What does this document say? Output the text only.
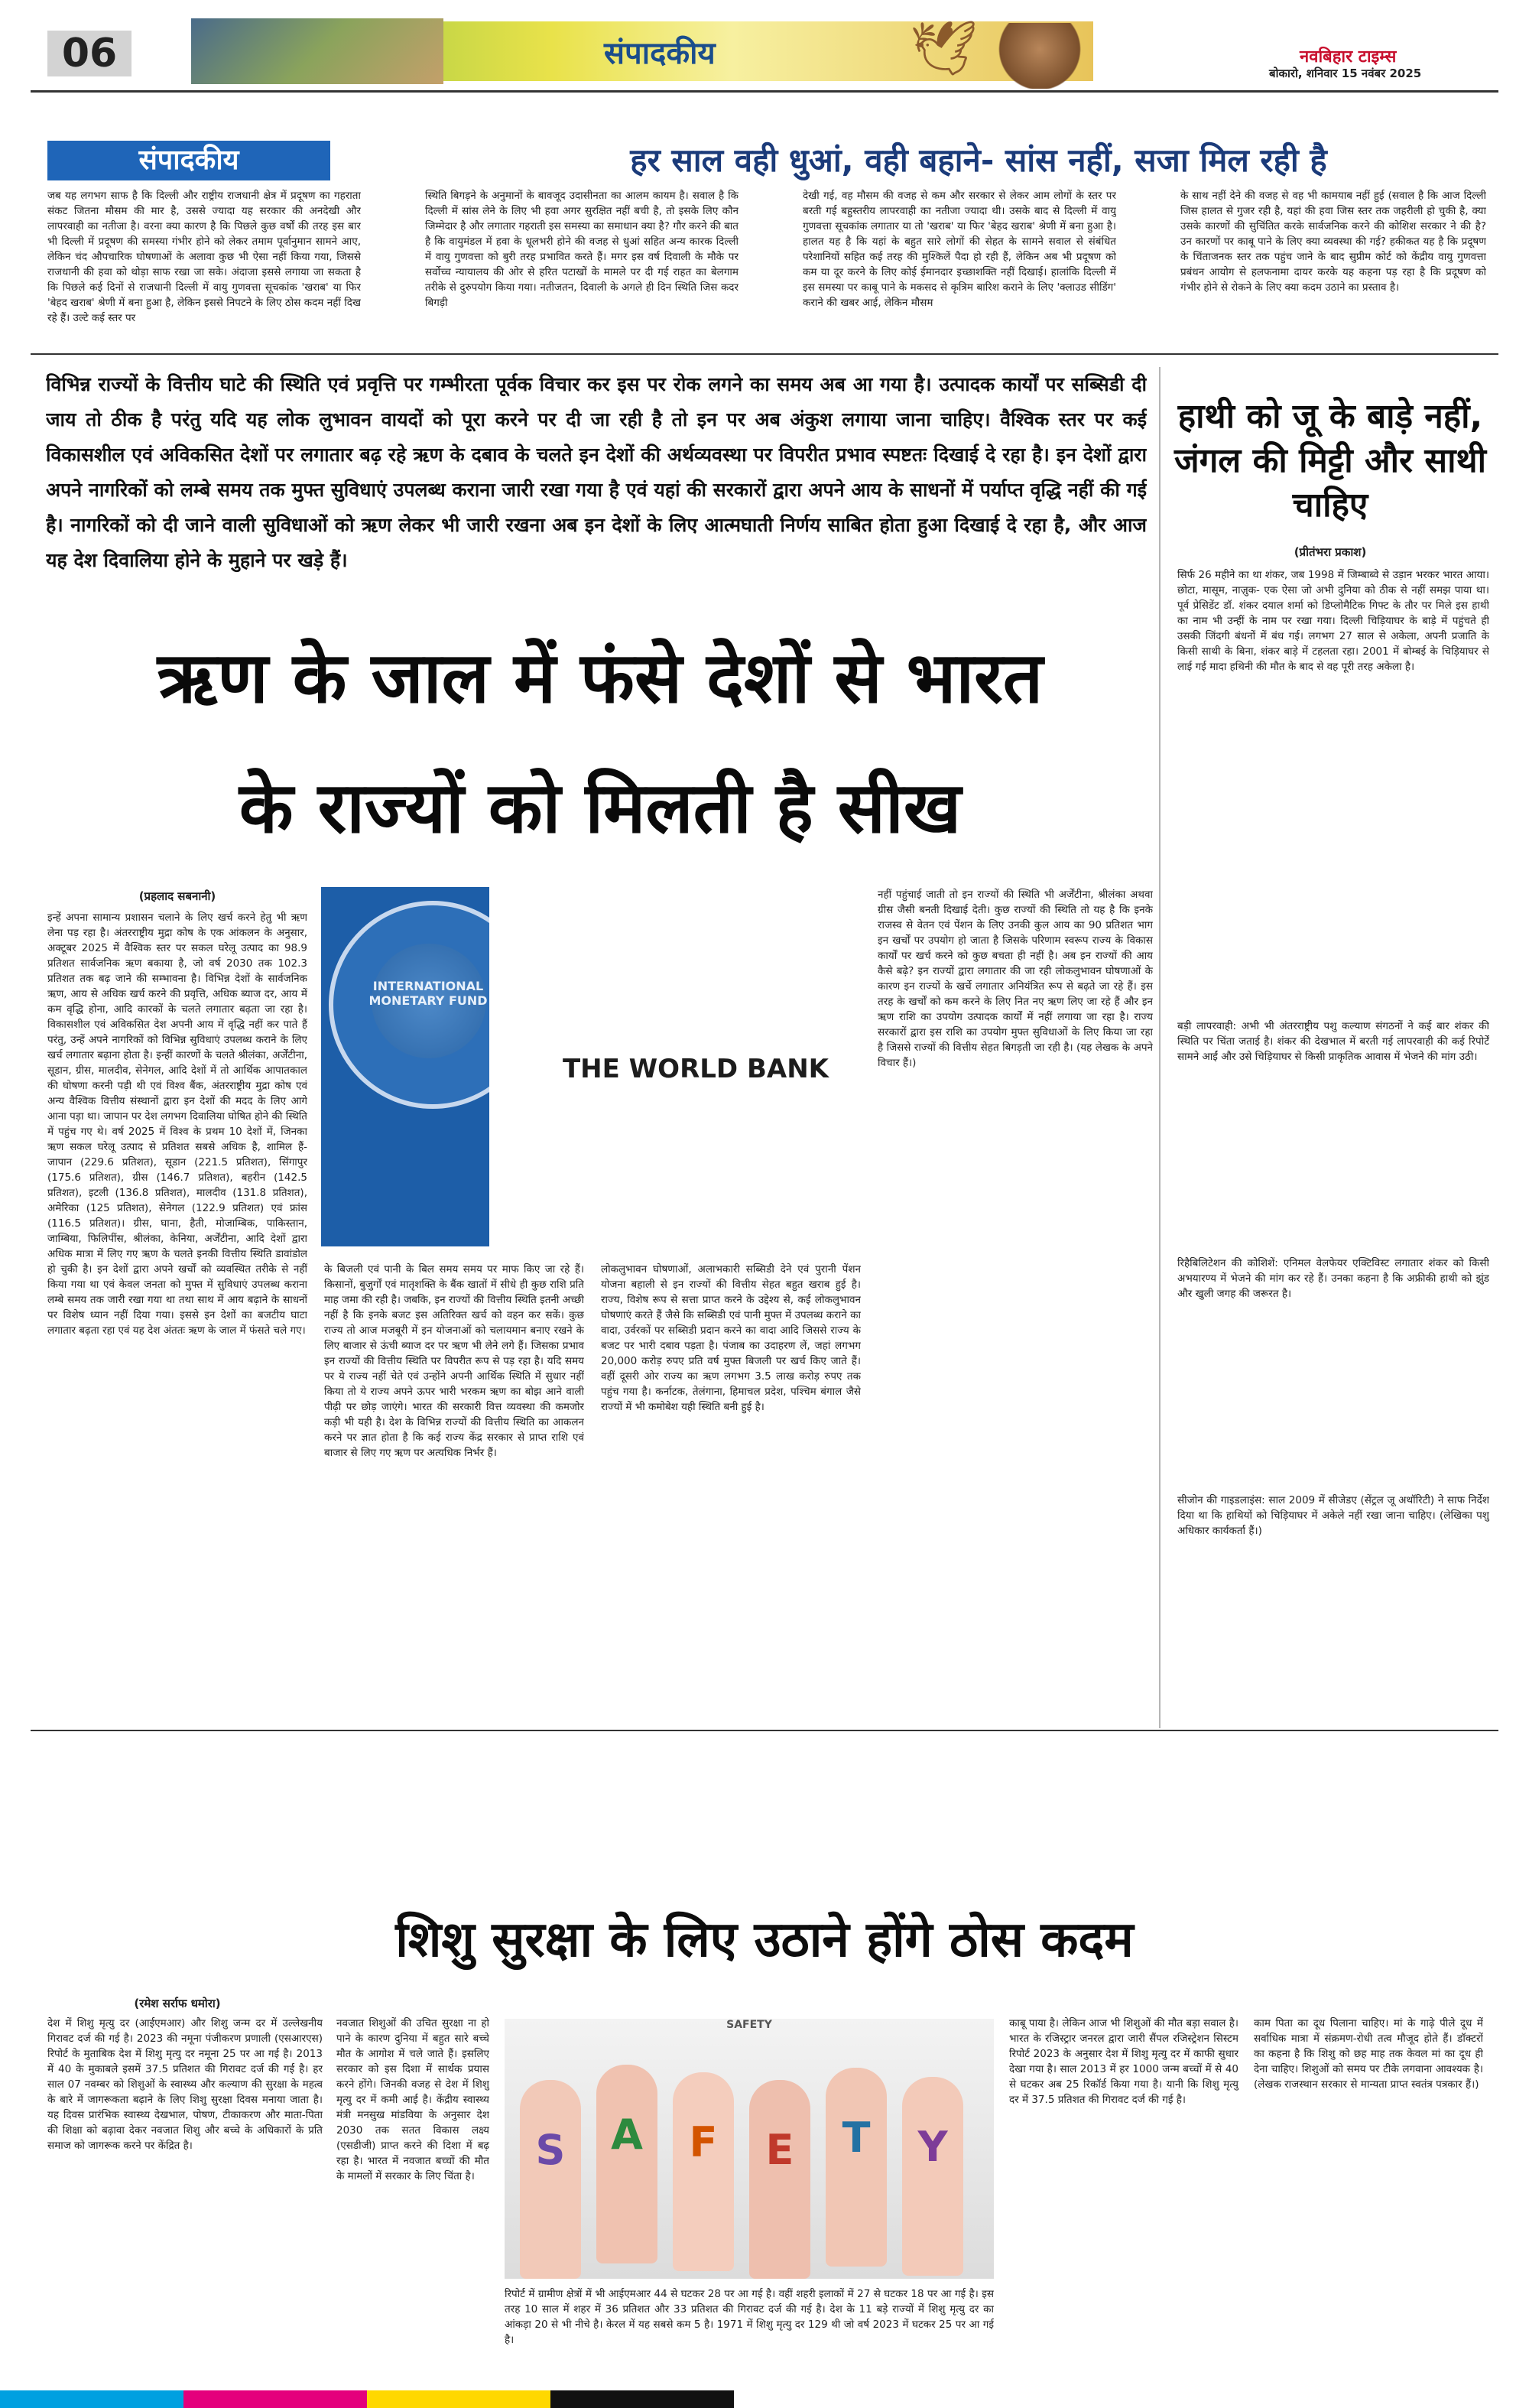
06	संपादकीय	🕊	नवबिहार टाइम्स
बोकारो, शनिवार 15 नवंबर 2025
संपादकीय	हर साल वही धुआं, वही बहाने- सांस नहीं, सजा मिल रही है
जब यह लगभग साफ है कि दिल्ली और राष्ट्रीय राजधानी क्षेत्र में प्रदूषण का गहराता संकट जितना मौसम की मार है, उससे ज्यादा यह सरकार की अनदेखी और लापरवाही का नतीजा है। वरना क्या कारण है कि पिछले कुछ वर्षों की तरह इस बार भी दिल्ली में प्रदूषण की समस्या गंभीर होने को लेकर तमाम पूर्वानुमान सामने आए, लेकिन चंद औपचारिक घोषणाओं के अलावा कुछ भी ऐसा नहीं किया गया, जिससे राजधानी की हवा को थोड़ा साफ रखा जा सके। अंदाजा इससे लगाया जा सकता है कि पिछले कई दिनों से राजधानी दिल्ली में वायु गुणवत्ता सूचकांक 'खराब' या फिर 'बेहद खराब' श्रेणी में बना हुआ है, लेकिन इससे निपटने के लिए ठोस कदम नहीं दिख रहे हैं। उल्टे कई स्तर पर
स्थिति बिगड़ने के अनुमानों के बावजूद उदासीनता का आलम कायम है। सवाल है कि दिल्ली में सांस लेने के लिए भी हवा अगर सुरक्षित नहीं बची है, तो इसके लिए कौन जिम्मेदार है और लगातार गहराती इस समस्या का समाधान क्या है? गौर करने की बात है कि वायुमंडल में हवा के धूलभरी होने की वजह से धुआं सहित अन्य कारक दिल्ली में वायु गुणवत्ता को बुरी तरह प्रभावित करते हैं। मगर इस वर्ष दिवाली के मौके पर सर्वोच्च न्यायालय की ओर से हरित पटाखों के मामले पर दी गई राहत का बेलगाम तरीके से दुरुपयोग किया गया। नतीजतन, दिवाली के अगले ही दिन स्थिति जिस कदर बिगड़ी
देखी गई, वह मौसम की वजह से कम और सरकार से लेकर आम लोगों के स्तर पर बरती गई बहुस्तरीय लापरवाही का नतीजा ज्यादा थी। उसके बाद से दिल्ली में वायु गुणवत्ता सूचकांक लगातार या तो 'खराब' या फिर 'बेहद खराब' श्रेणी में बना हुआ है। हालत यह है कि यहां के बहुत सारे लोगों की सेहत के सामने सवाल से संबंधित परेशानियों सहित कई तरह की मुश्किलें पैदा हो रही हैं, लेकिन अब भी प्रदूषण को कम या दूर करने के लिए कोई ईमानदार इच्छाशक्ति नहीं दिखाई। हालांकि दिल्ली में इस समस्या पर काबू पाने के मकसद से कृत्रिम बारिश कराने के लिए 'क्लाउड सीडिंग' कराने की खबर आई, लेकिन मौसम
के साथ नहीं देने की वजह से वह भी कामयाब नहीं हुई (सवाल है कि आज दिल्ली जिस हालत से गुजर रही है, यहां की हवा जिस स्तर तक जहरीली हो चुकी है, क्या उसके कारणों की सुचिंतित करके सार्वजनिक करने की कोशिश सरकार ने की है? उन कारणों पर काबू पाने के लिए क्या व्यवस्था की गई? हकीकत यह है कि प्रदूषण के चिंताजनक स्तर तक पहुंच जाने के बाद सुप्रीम कोर्ट को केंद्रीय वायु गुणवत्ता प्रबंधन आयोग से हलफनामा दायर करके यह कहना पड़ रहा है कि प्रदूषण को गंभीर होने से रोकने के लिए क्या कदम उठाने का प्रस्ताव है।
विभिन्न राज्यों के वित्तीय घाटे की स्थिति एवं प्रवृत्ति पर गम्भीरता पूर्वक विचार कर इस पर रोक लगने का समय अब आ गया है। उत्पादक कार्यों पर सब्सिडी दी जाय तो ठीक है परंतु यदि यह लोक लुभावन वायदों को पूरा करने पर दी जा रही है तो इन पर अब अंकुश लगाया जाना चाहिए। वैश्विक स्तर पर कई विकासशील एवं अविकसित देशों पर लगातार बढ़ रहे ऋण के दबाव के चलते इन देशों की अर्थव्यवस्था पर विपरीत प्रभाव स्पष्टतः दिखाई दे रहा है। इन देशों द्वारा अपने नागरिकों को लम्बे समय तक मुफ्त सुविधाएं उपलब्ध कराना जारी रखा गया है एवं यहां की सरकारों द्वारा अपने आय के साधनों में पर्याप्त वृद्धि नहीं की गई है। नागरिकों को दी जाने वाली सुविधाओं को ऋण लेकर भी जारी रखना अब इन देशों के लिए आत्मघाती निर्णय साबित होता हुआ दिखाई दे रहा है, और आज यह देश दिवालिया होने के मुहाने पर खड़े हैं।
ऋण के जाल में फंसे देशों से भारत
के राज्यों को मिलती है सीख
(प्रहलाद सबनानी)
INTERNATIONAL MONETARY FUND
THE WORLD BANK
इन्हें अपना सामान्य प्रशासन चलाने के लिए खर्च करने हेतु भी ऋण लेना पड़ रहा है। अंतरराष्ट्रीय मुद्रा कोष के एक आंकलन के अनुसार, अक्टूबर 2025 में वैश्विक स्तर पर सकल घरेलू उत्पाद का 98.9 प्रतिशत सार्वजनिक ऋण बकाया है, जो वर्ष 2030 तक 102.3 प्रतिशत तक बढ़ जाने की सम्भावना है। विभिन्न देशों के सार्वजनिक ऋण, आय से अधिक खर्च करने की प्रवृत्ति, अधिक ब्याज दर, आय में कम वृद्धि होना, आदि कारकों के चलते लगातार बढ़ता जा रहा है। विकासशील एवं अविकसित देश अपनी आय में वृद्धि नहीं कर पाते हैं परंतु, उन्हें अपने नागरिकों को विभिन्न सुविधाएं उपलब्ध कराने के लिए खर्च लगातार बढ़ाना होता है। इन्हीं कारणों के चलते श्रीलंका, अर्जेंटीना, सूडान, ग्रीस, मालदीव, सेनेगल, आदि देशों में तो आर्थिक आपातकाल की घोषणा करनी पड़ी थी एवं विश्व बैंक, अंतरराष्ट्रीय मुद्रा कोष एवं अन्य वैश्विक वित्तीय संस्थानों द्वारा इन देशों की मदद के लिए आगे आना पड़ा था। जापान पर देश लगभग दिवालिया घोषित होने की स्थिति में पहुंच गए थे। वर्ष 2025 में विश्व के प्रथम 10 देशों में, जिनका ऋण सकल घरेलू उत्पाद से प्रतिशत सबसे अधिक है, शामिल हैं- जापान (229.6 प्रतिशत), सूडान (221.5 प्रतिशत), सिंगापुर (175.6 प्रतिशत), ग्रीस (146.7 प्रतिशत), बहरीन (142.5 प्रतिशत), इटली (136.8 प्रतिशत), मालदीव (131.8 प्रतिशत), अमेरिका (125 प्रतिशत), सेनेगल (122.9 प्रतिशत) एवं फ्रांस (116.5 प्रतिशत)। ग्रीस, घाना, हैती, मोजाम्बिक, पाकिस्तान, जाम्बिया, फिलिपींस, श्रीलंका, केनिया, अर्जेंटीना, आदि देशों द्वारा अधिक मात्रा में लिए गए ऋण के चलते इनकी वित्तीय स्थिति डावांडोल हो चुकी है। इन देशों द्वारा अपने खर्चों को व्यवस्थित तरीके से नहीं किया गया था एवं केवल जनता को मुफ्त में सुविधाएं उपलब्ध कराना लम्बे समय तक जारी रखा गया था तथा साथ में आय बढ़ाने के साधनों पर विशेष ध्यान नहीं दिया गया। इससे इन देशों का बजटीय घाटा लगातार बढ़ता रहा एवं यह देश अंततः ऋण के जाल में फंसते चले गए।
के बिजली एवं पानी के बिल समय समय पर माफ किए जा रहे हैं। किसानों, बुजुर्गों एवं मातृशक्ति के बैंक खातों में सीधे ही कुछ राशि प्रति माह जमा की रही है। जबकि, इन राज्यों की वित्तीय स्थिति इतनी अच्छी नहीं है कि इनके बजट इस अतिरिक्त खर्च को वहन कर सकें। कुछ राज्य तो आज मजबूरी में इन योजनाओं को चलायमान बनाए रखने के लिए बाजार से ऊंची ब्याज दर पर ऋण भी लेने लगे हैं। जिसका प्रभाव इन राज्यों की वित्तीय स्थिति पर विपरीत रूप से पड़ रहा है। यदि समय पर ये राज्य नहीं चेते एवं उन्होंने अपनी आर्थिक स्थिति में सुधार नहीं किया तो ये राज्य अपने ऊपर भारी भरकम ऋण का बोझ आने वाली पीढ़ी पर छोड़ जाएंगे। भारत की सरकारी वित्त व्यवस्था की कमजोर कड़ी भी यही है। देश के विभिन्न राज्यों की वित्तीय स्थिति का आकलन करने पर ज्ञात होता है कि कई राज्य केंद्र सरकार से प्राप्त राशि एवं बाजार से लिए गए ऋण पर अत्यधिक निर्भर हैं।
लोकलुभावन घोषणाओं, अलाभकारी सब्सिडी देने एवं पुरानी पेंशन योजना बहाली से इन राज्यों की वित्तीय सेहत बहुत खराब हुई है। राज्य, विशेष रूप से सत्ता प्राप्त करने के उद्देश्य से, कई लोकलुभावन घोषणाएं करते हैं जैसे कि सब्सिडी एवं पानी मुफ्त में उपलब्ध कराने का वादा, उर्वरकों पर सब्सिडी प्रदान करने का वादा आदि जिससे राज्य के बजट पर भारी दबाव पड़ता है। पंजाब का उदाहरण लें, जहां लगभग 20,000 करोड़ रुपए प्रति वर्ष मुफ्त बिजली पर खर्च किए जाते हैं। वहीं दूसरी ओर राज्य का ऋण लगभग 3.5 लाख करोड़ रुपए तक पहुंच गया है। कर्नाटक, तेलंगाना, हिमाचल प्रदेश, पश्चिम बंगाल जैसे राज्यों में भी कमोबेश यही स्थिति बनी हुई है।
नहीं पहुंचाई जाती तो इन राज्यों की स्थिति भी अर्जेंटीना, श्रीलंका अथवा ग्रीस जैसी बनती दिखाई देती। कुछ राज्यों की स्थिति तो यह है कि इनके राजस्व से वेतन एवं पेंशन के लिए उनकी कुल आय का 90 प्रतिशत भाग इन खर्चों पर उपयोग हो जाता है जिसके परिणाम स्वरूप राज्य के विकास कार्यों पर खर्च करने को कुछ बचता ही नहीं है। अब इन राज्यों की आय कैसे बढ़े? इन राज्यों द्वारा लगातार की जा रही लोकलुभावन घोषणाओं के कारण इन राज्यों के खर्चे लगातार अनियंत्रित रूप से बढ़ते जा रहे हैं। इस तरह के खर्चों को कम करने के लिए नित नए ऋण लिए जा रहे हैं और इन ऋण राशि का उपयोग उत्पादक कार्यों में नहीं लगाया जा रहा है। राज्य सरकारों द्वारा इस राशि का उपयोग मुफ्त सुविधाओं के लिए किया जा रहा है जिससे राज्यों की वित्तीय सेहत बिगड़ती जा रही है। (यह लेखक के अपने विचार हैं।)
हाथी को जू के बाड़े नहीं, जंगल की मिट्टी और साथी चाहिए
(प्रीतंभरा प्रकाश)
सिर्फ 26 महीने का था शंकर, जब 1998 में जिम्बाब्वे से उड़ान भरकर भारत आया। छोटा, मासूम, नाज़ुक- एक ऐसा जो अभी दुनिया को ठीक से नहीं समझ पाया था। पूर्व प्रेसिडेंट डॉ. शंकर दयाल शर्मा को डिप्लोमैटिक गिफ्ट के तौर पर मिले इस हाथी का नाम भी उन्हीं के नाम पर रखा गया। दिल्ली चिड़ियाघर के बाड़े में पहुंचते ही उसकी जिंदगी बंधनों में बंध गई। लगभग 27 साल से अकेला, अपनी प्रजाति के किसी साथी के बिना, शंकर बाड़े में टहलता रहा। 2001 में बोम्बई के चिड़ियाघर से लाई गई मादा हथिनी की मौत के बाद से वह पूरी तरह अकेला है।
बड़ी लापरवाही: अभी भी अंतरराष्ट्रीय पशु कल्याण संगठनों ने कई बार शंकर की स्थिति पर चिंता जताई है। शंकर की देखभाल में बरती गई लापरवाही की कई रिपोर्टें सामने आईं और उसे चिड़ियाघर से किसी प्राकृतिक आवास में भेजने की मांग उठी।
रिहैबिलिटेशन की कोशिशें: एनिमल वेलफेयर एक्टिविस्ट लगातार शंकर को किसी अभयारण्य में भेजने की मांग कर रहे हैं। उनका कहना है कि अफ्रीकी हाथी को झुंड और खुली जगह की जरूरत है।
सीजोन की गाइडलाइंस: साल 2009 में सीजेडए (सेंट्रल जू अथॉरिटी) ने साफ निर्देश दिया था कि हाथियों को चिड़ियाघर में अकेले नहीं रखा जाना चाहिए। (लेखिका पशु अधिकार कार्यकर्ता हैं।)
शिशु सुरक्षा के लिए उठाने होंगे ठोस कदम
(रमेश सर्राफ धमोरा)
देश में शिशु मृत्यु दर (आईएमआर) और शिशु जन्म दर में उल्लेखनीय गिरावट दर्ज की गई है। 2023 की नमूना पंजीकरण प्रणाली (एसआरएस) रिपोर्ट के मुताबिक देश में शिशु मृत्यु दर नमूना 25 पर आ गई है। 2013 में 40 के मुकाबले इसमें 37.5 प्रतिशत की गिरावट दर्ज की गई है। हर साल 07 नवम्बर को शिशुओं के स्वास्थ्य और कल्याण की सुरक्षा के महत्व के बारे में जागरूकता बढ़ाने के लिए शिशु सुरक्षा दिवस मनाया जाता है। यह दिवस प्रारंभिक स्वास्थ्य देखभाल, पोषण, टीकाकरण और माता-पिता की शिक्षा को बढ़ावा देकर नवजात शिशु और बच्चे के अधिकारों के प्रति समाज को जागरूक करने पर केंद्रित है।
नवजात शिशुओं की उचित सुरक्षा ना हो पाने के कारण दुनिया में बहुत सारे बच्चे मौत के आगोश में चले जाते हैं। इसलिए सरकार को इस दिशा में सार्थक प्रयास करने होंगे। जिनकी वजह से देश में शिशु मृत्यु दर में कमी आई है। केंद्रीय स्वास्थ्य मंत्री मनसुख मांडविया के अनुसार देश 2030 तक सतत विकास लक्ष्य (एसडीजी) प्राप्त करने की दिशा में बढ़ रहा है। भारत में नवजात बच्चों की मौत के मामलों में सरकार के लिए चिंता है।
रिपोर्ट में ग्रामीण क्षेत्रों में भी आईएमआर 44 से घटकर 28 पर आ गई है। वहीं शहरी इलाकों में 27 से घटकर 18 पर आ गई है। इस तरह 10 साल में शहर में 36 प्रतिशत और 33 प्रतिशत की गिरावट दर्ज की गई है। देश के 11 बड़े राज्यों में शिशु मृत्यु दर का आंकड़ा 20 से भी नीचे है। केरल में यह सबसे कम 5 है। 1971 में शिशु मृत्यु दर 129 थी जो वर्ष 2023 में घटकर 25 पर आ गई है।
काबू पाया है। लेकिन आज भी शिशुओं की मौत बड़ा सवाल है। भारत के रजिस्ट्रार जनरल द्वारा जारी सैंपल रजिस्ट्रेशन सिस्टम रिपोर्ट 2023 के अनुसार देश में शिशु मृत्यु दर में काफी सुधार देखा गया है। साल 2013 में हर 1000 जन्म बच्चों में से 40 से घटकर अब 25 रिकॉर्ड किया गया है। यानी कि शिशु मृत्यु दर में 37.5 प्रतिशत की गिरावट दर्ज की गई है।
काम पिता का दूध पिलाना चाहिए। मां के गाढ़े पीले दूध में सर्वाधिक मात्रा में संक्रमण-रोधी तत्व मौजूद होते हैं। डॉक्टरों का कहना है कि शिशु को छह माह तक केवल मां का दूध ही देना चाहिए। शिशुओं को समय पर टीके लगवाना आवश्यक है। (लेखक राजस्थान सरकार से मान्यता प्राप्त स्वतंत्र पत्रकार हैं।)
S	A	F	E	T	Y
SAFETY
